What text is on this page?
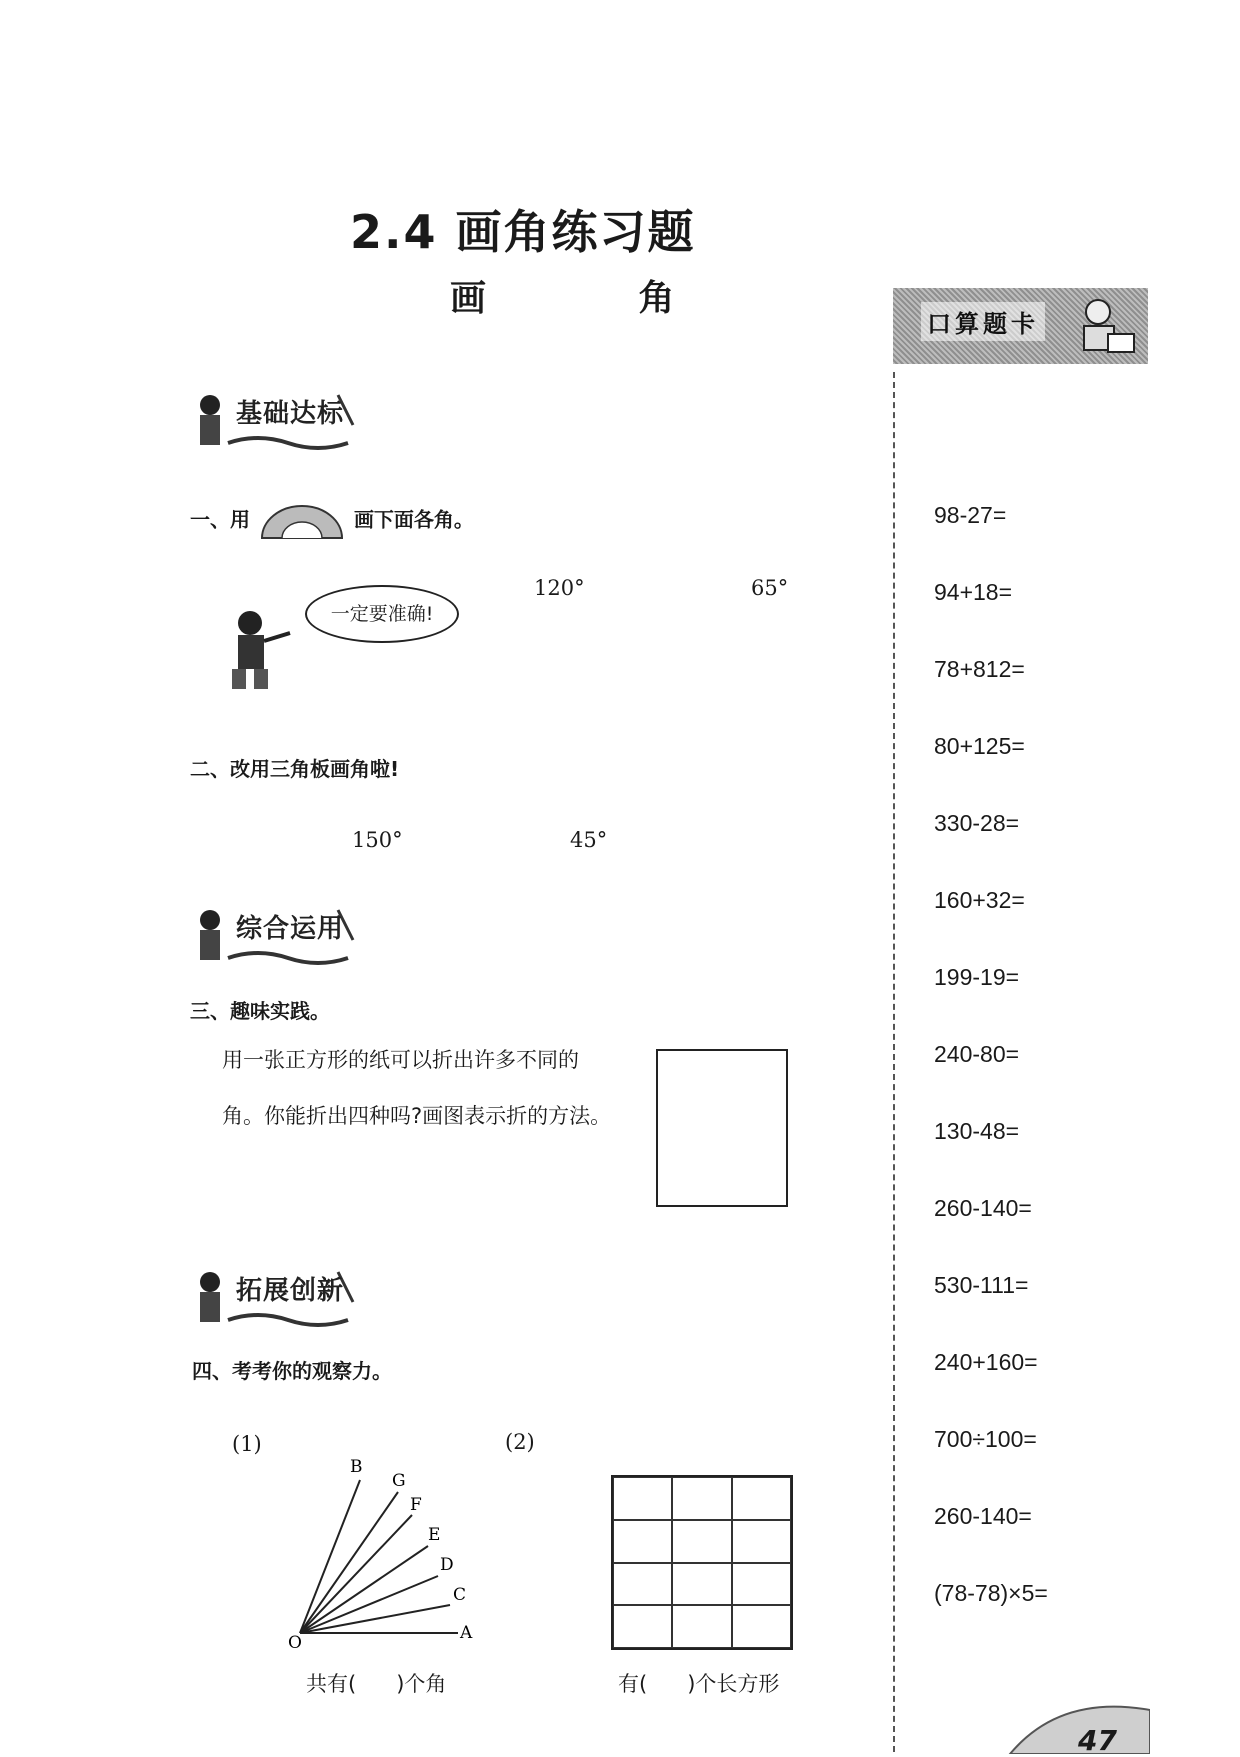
2.4 画角练习题
画 角
基础达标
一、用	画下面各角。
一定要准确!
120°	65°
二、改用三角板画角啦!
150°	45°
综合运用
三、趣味实践。
用一张正方形的纸可以折出许多不同的角。你能折出四种吗?画图表示折的方法。
拓展创新
四、考考你的观察力。
(1)	(2)
B
G
F
E
D
C
A
O
共有(      )个角	有(      )个长方形
口算题卡
98-27=
94+18=
78+812=
80+125=
330-28=
160+32=
199-19=
240-80=
130-48=
260-140=
530-111=
240+160=
700÷100=
260-140=
(78-78)×5=
47
